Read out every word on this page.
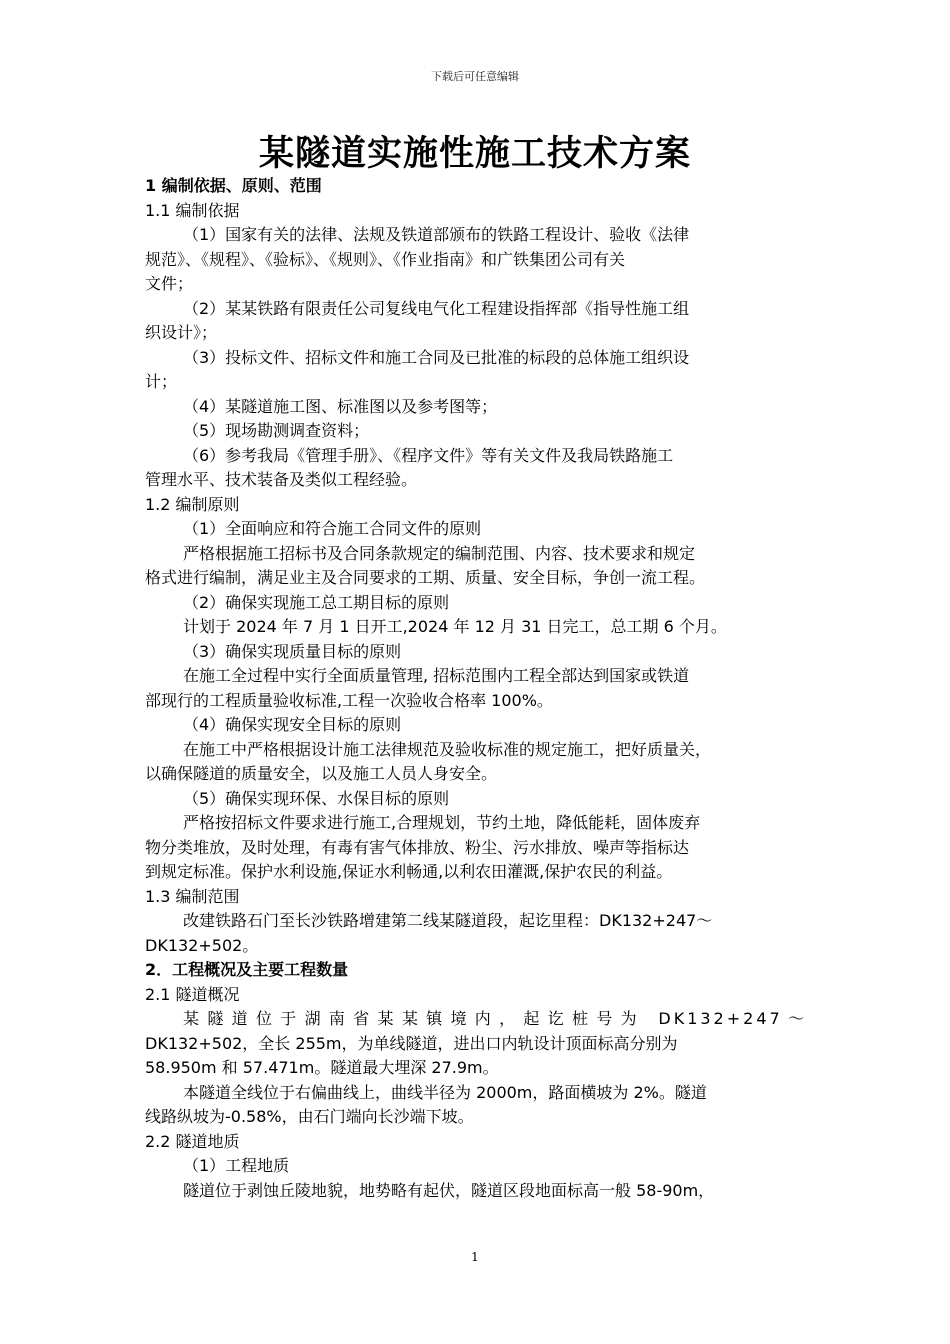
下载后可任意编辑
某隧道实施性施工技术方案
1 编制依据、原则、范围
1.1 编制依据
（1）国家有关的法律、法规及铁道部颁布的铁路工程设计、验收《法律
规范》、《规程》、《验标》、《规则》、《作业指南》和广铁集团公司有关
文件；
（2）某某铁路有限责任公司复线电气化工程建设指挥部《指导性施工组
织设计》；
（3）投标文件、招标文件和施工合同及已批准的标段的总体施工组织设
计；
（4）某隧道施工图、标准图以及参考图等；
（5）现场勘测调查资料；
（6）参考我局《管理手册》、《程序文件》等有关文件及我局铁路施工
管理水平、技术装备及类似工程经验。
1.2 编制原则
（1）全面响应和符合施工合同文件的原则
严格根据施工招标书及合同条款规定的编制范围、内容、技术要求和规定
格式进行编制，满足业主及合同要求的工期、质量、安全目标，争创一流工程。
（2）确保实现施工总工期目标的原则
计划于 2024 年 7 月 1 日开工,2024 年 12 月 31 日完工，总工期 6 个月。
（3）确保实现质量目标的原则
在施工全过程中实行全面质量管理, 招标范围内工程全部达到国家或铁道
部现行的工程质量验收标准,工程一次验收合格率 100%。
（4）确保实现安全目标的原则
在施工中严格根据设计施工法律规范及验收标准的规定施工，把好质量关，
以确保隧道的质量安全，以及施工人员人身安全。
（5）确保实现环保、水保目标的原则
严格按招标文件要求进行施工,合理规划，节约土地，降低能耗，固体废弃
物分类堆放，及时处理，有毒有害气体排放、粉尘、污水排放、噪声等指标达
到规定标准。保护水利设施,保证水利畅通,以利农田灌溉,保护农民的利益。
1.3 编制范围
改建铁路石门至长沙铁路增建第二线某隧道段，起讫里程：DK132+247～
DK132+502。
2．工程概况及主要工程数量
2.1 隧道概况
某隧道位于湖南省某某镇境内，起讫桩号为 DK132+247～
DK132+502，全长 255m，为单线隧道，进出口内轨设计顶面标高分别为
58.950m 和 57.471m。隧道最大埋深 27.9m。
本隧道全线位于右偏曲线上，曲线半径为 2000m，路面横坡为 2%。隧道
线路纵坡为-0.58%，由石门端向长沙端下坡。
2.2 隧道地质
（1）工程地质
隧道位于剥蚀丘陵地貌，地势略有起伏，隧道区段地面标高一般 58-90m，
1
